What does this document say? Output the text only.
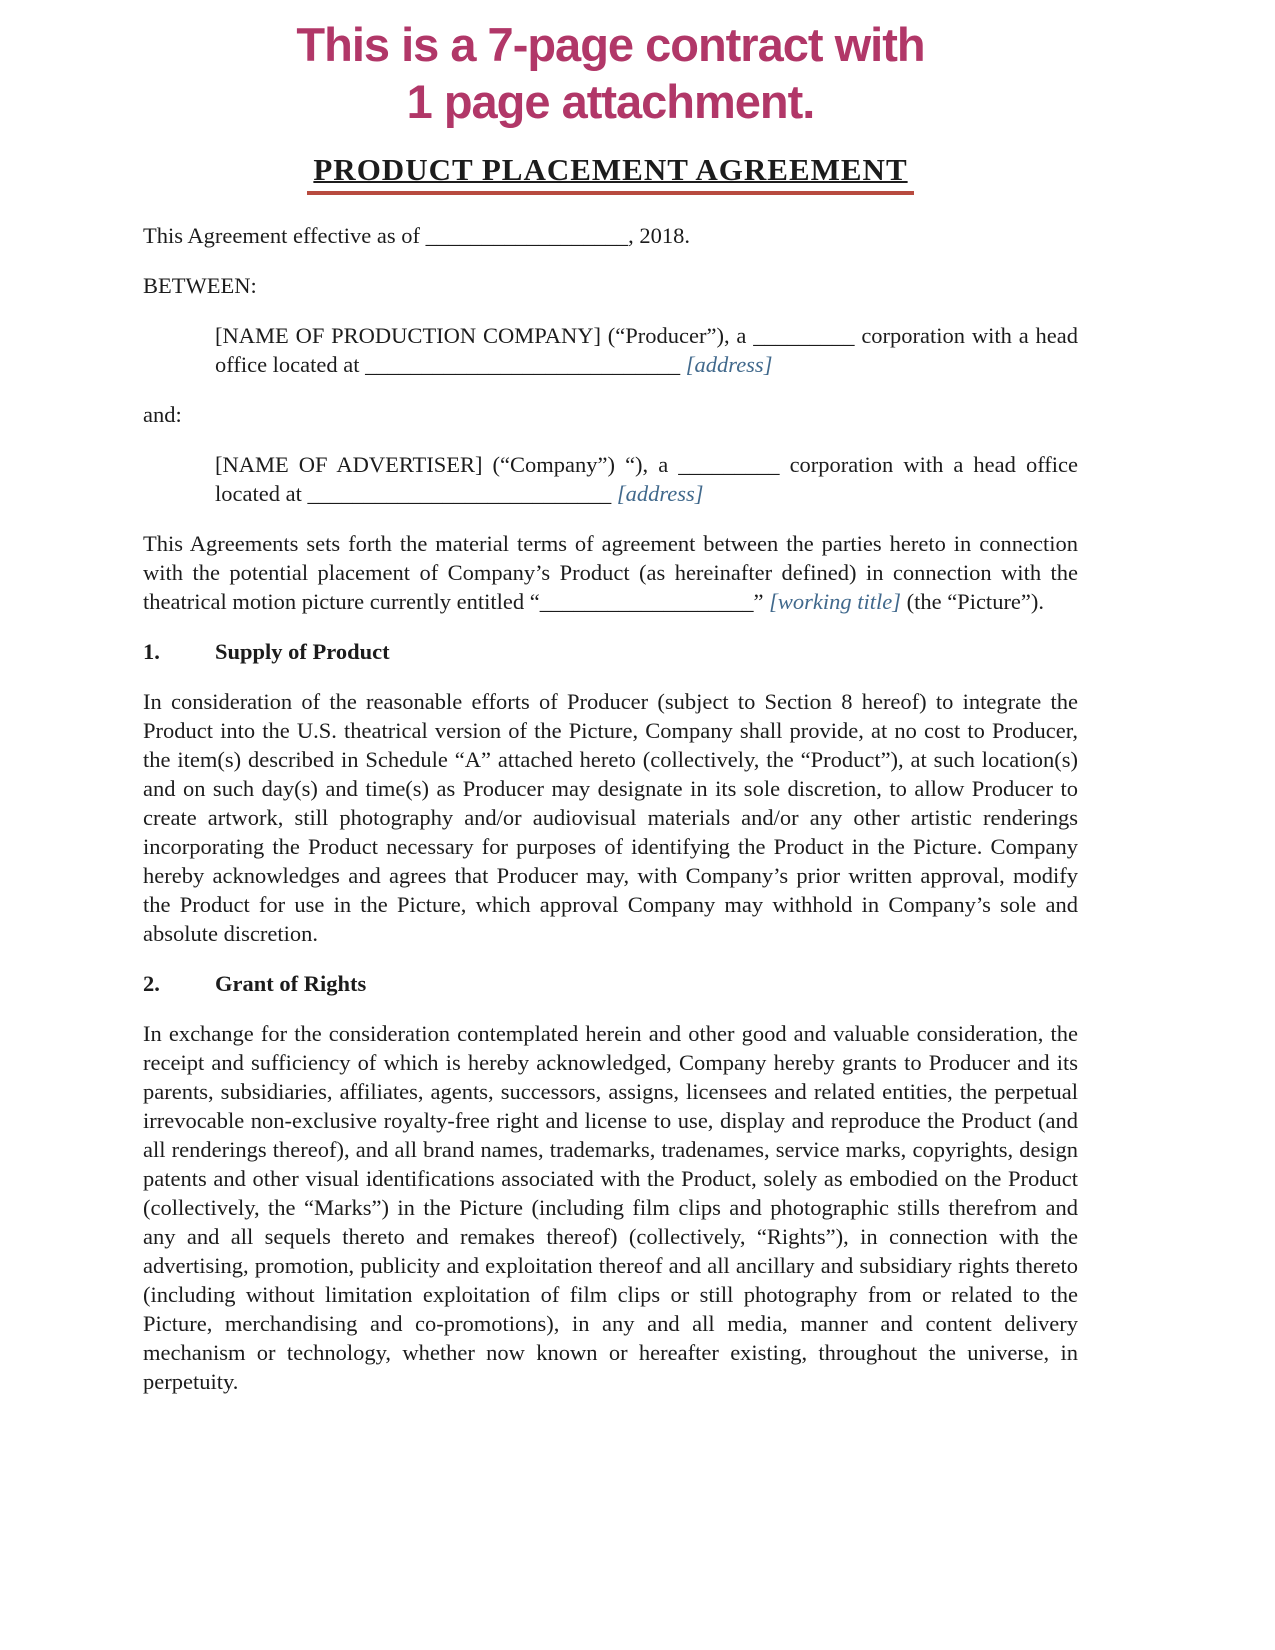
This is a 7-page contract with
1 page attachment.
PRODUCT PLACEMENT AGREEMENT

This Agreement effective as of __________________, 2018.

BETWEEN:

[NAME OF PRODUCTION COMPANY] (“Producer”), a _________ corporation with a head office located at ____________________________ [address]

and:

[NAME OF ADVERTISER] (“Company”) “), a _________ corporation with a head office located at ___________________________ [address]

This Agreements sets forth the material terms of agreement between the parties hereto in connection with the potential placement of Company’s Product (as hereinafter defined) in connection with the theatrical motion picture currently entitled “___________________” [working title] (the “Picture”).

1. Supply of Product

In consideration of the reasonable efforts of Producer (subject to Section 8 hereof) to integrate the Product into the U.S. theatrical version of the Picture, Company shall provide, at no cost to Producer, the item(s) described in Schedule “A” attached hereto (collectively, the “Product”), at such location(s) and on such day(s) and time(s) as Producer may designate in its sole discretion, to allow Producer to create artwork, still photography and/or audiovisual materials and/or any other artistic renderings incorporating the Product necessary for purposes of identifying the Product in the Picture. Company hereby acknowledges and agrees that Producer may, with Company’s prior written approval, modify the Product for use in the Picture, which approval Company may withhold in Company’s sole and absolute discretion.

2. Grant of Rights

In exchange for the consideration contemplated herein and other good and valuable consideration, the receipt and sufficiency of which is hereby acknowledged, Company hereby grants to Producer and its parents, subsidiaries, affiliates, agents, successors, assigns, licensees and related entities, the perpetual irrevocable non-exclusive royalty-free right and license to use, display and reproduce the Product (and all renderings thereof), and all brand names, trademarks, tradenames, service marks, copyrights, design patents and other visual identifications associated with the Product, solely as embodied on the Product (collectively, the “Marks”) in the Picture (including film clips and photographic stills therefrom and any and all sequels thereto and remakes thereof) (collectively, “Rights”), in connection with the advertising, promotion, publicity and exploitation thereof and all ancillary and subsidiary rights thereto (including without limitation exploitation of film clips or still photography from or related to the Picture, merchandising and co-promotions), in any and all media, manner and content delivery mechanism or technology, whether now known or hereafter existing, throughout the universe, in perpetuity.
